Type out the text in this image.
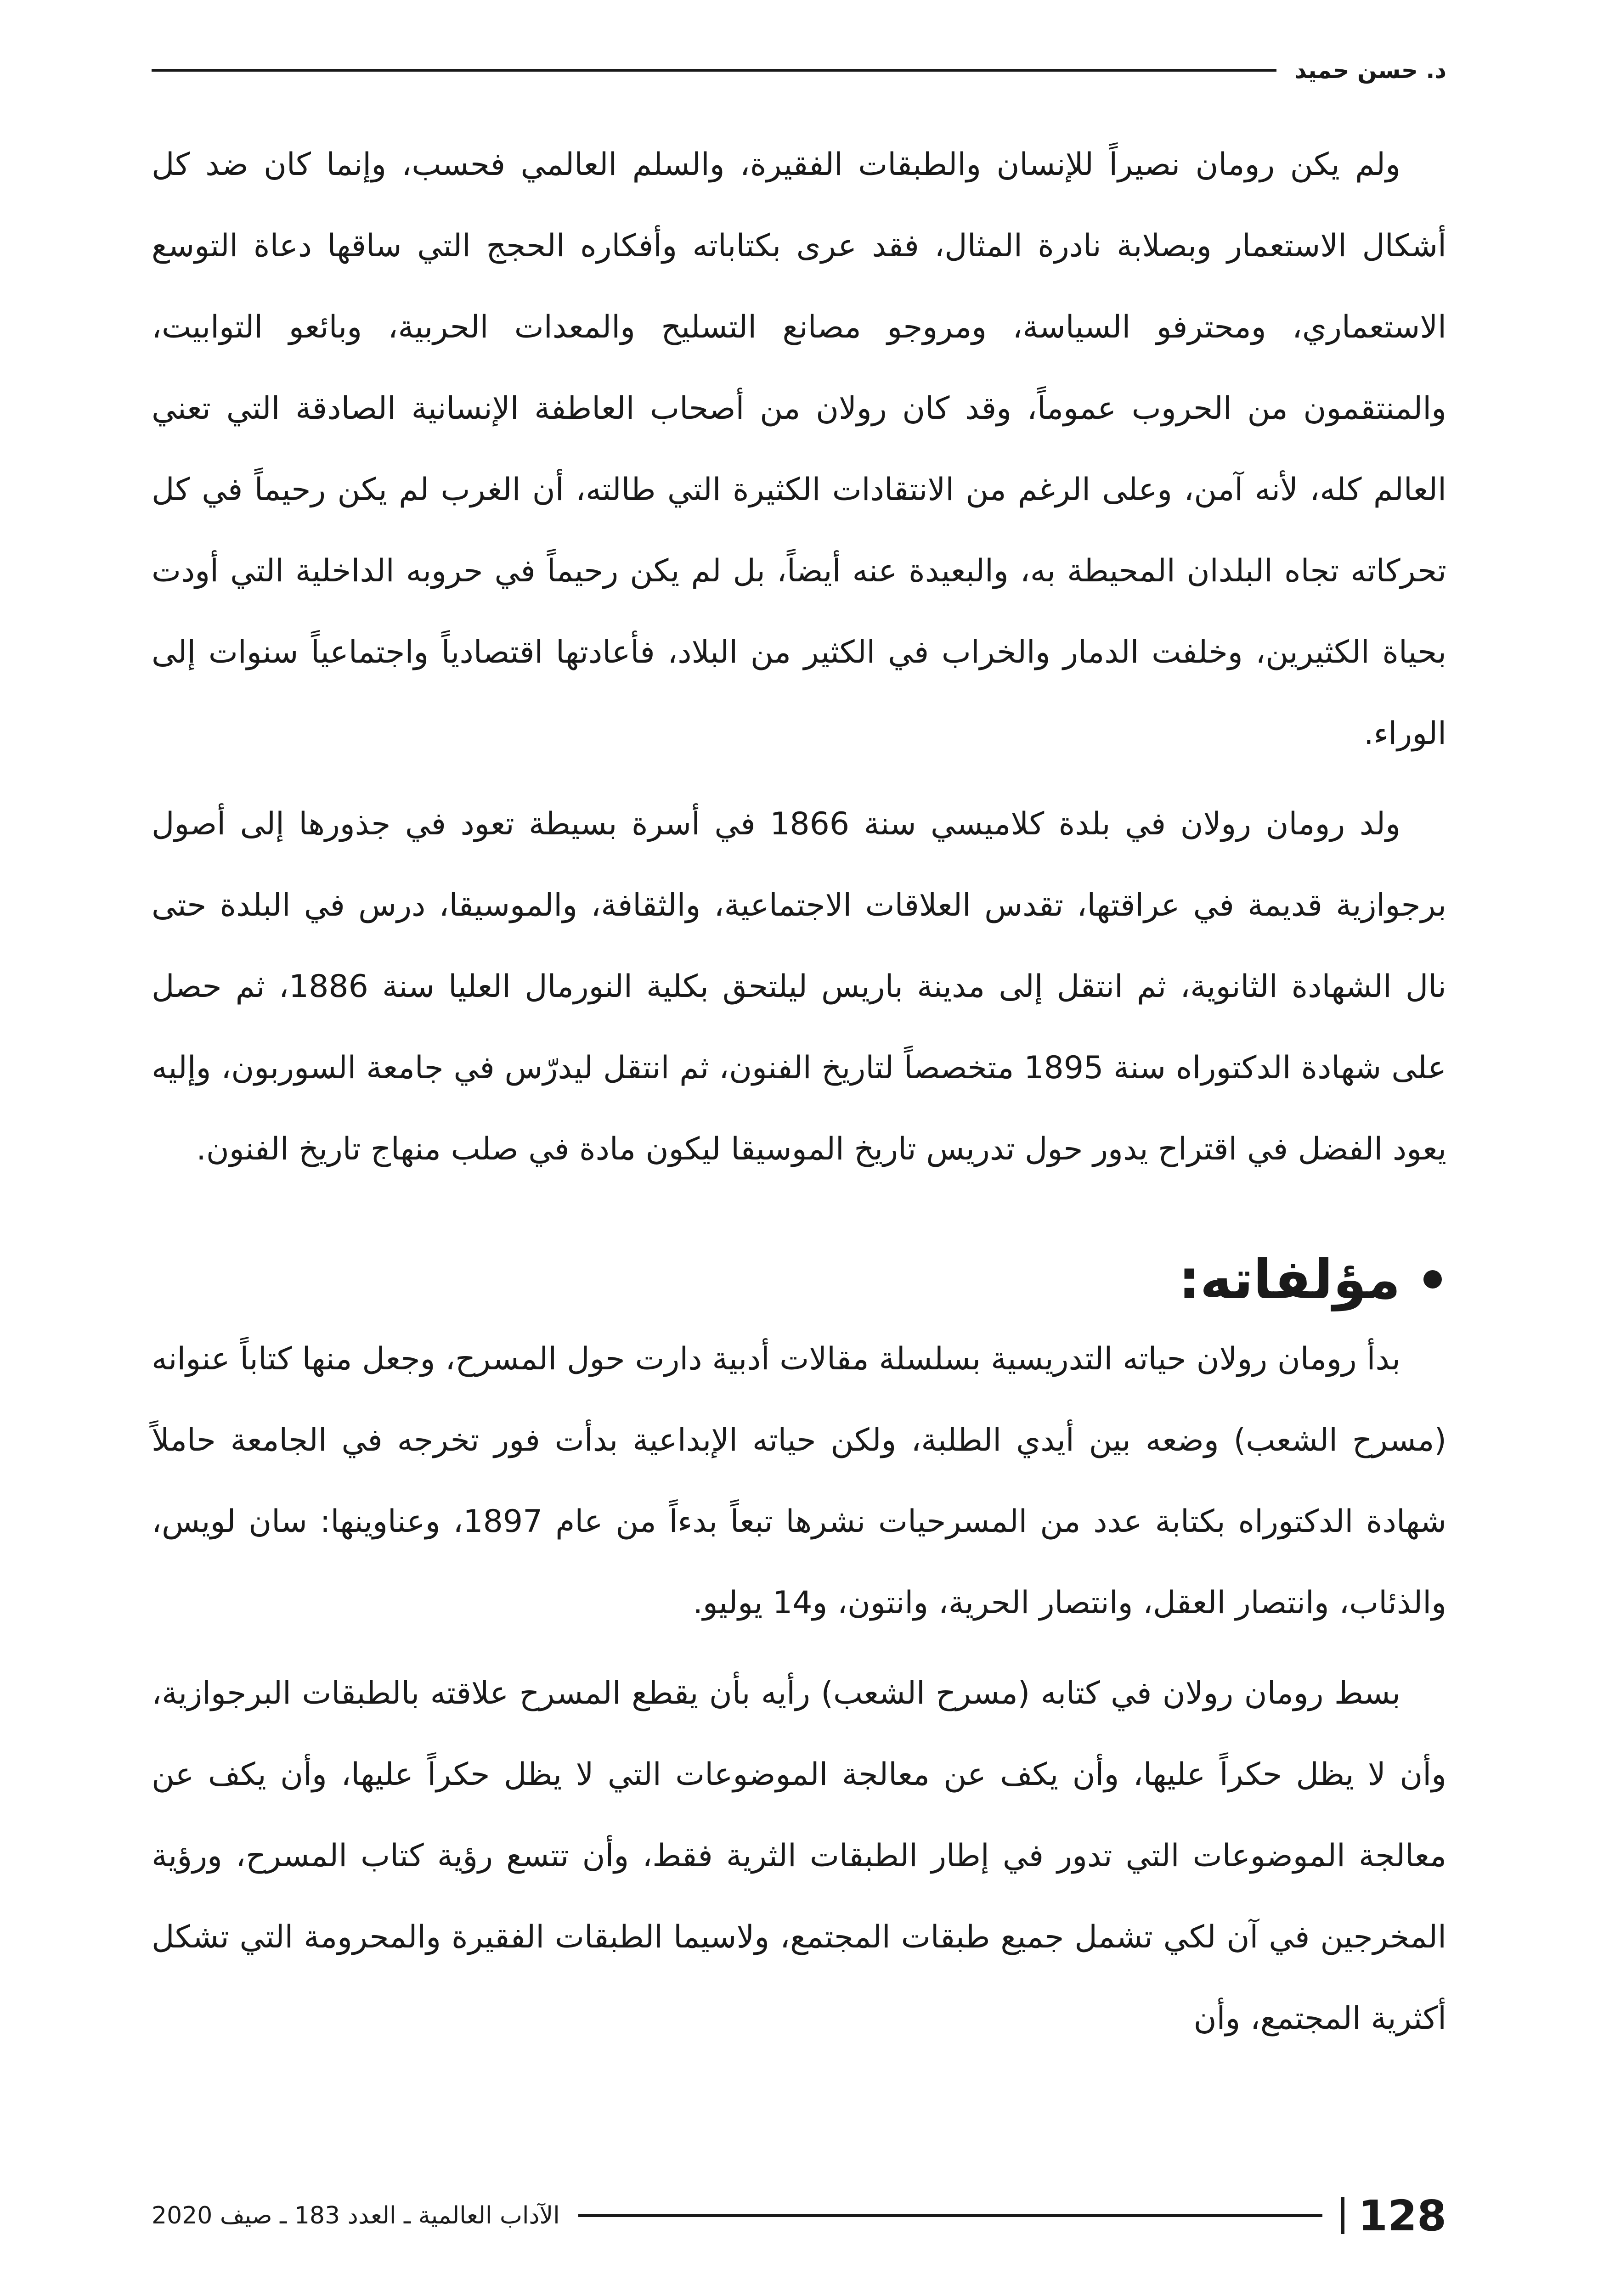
د. حسن حميد

ولم يكن رومان نصيراً للإنسان والطبقات الفقيرة، والسلم العالمي فحسب، وإنما كان ضد كل أشكال الاستعمار وبصلابة نادرة المثال، فقد عرى بكتاباته وأفكاره الحجج التي ساقها دعاة التوسع الاستعماري، ومحترفو السياسة، ومروجو مصانع التسليح والمعدات الحربية، وبائعو التوابيت، والمنتقمون من الحروب عموماً، وقد كان رولان من أصحاب العاطفة الإنسانية الصادقة التي تعني العالم كله، لأنه آمن، وعلى الرغم من الانتقادات الكثيرة التي طالته، أن الغرب لم يكن رحيماً في كل تحركاته تجاه البلدان المحيطة به، والبعيدة عنه أيضاً، بل لم يكن رحيماً في حروبه الداخلية التي أودت بحياة الكثيرين، وخلفت الدمار والخراب في الكثير من البلاد، فأعادتها اقتصادياً واجتماعياً سنوات إلى الوراء.

ولد رومان رولان في بلدة كلاميسي سنة 1866 في أسرة بسيطة تعود في جذورها إلى أصول برجوازية قديمة في عراقتها، تقدس العلاقات الاجتماعية، والثقافة، والموسيقا، درس في البلدة حتى نال الشهادة الثانوية، ثم انتقل إلى مدينة باريس ليلتحق بكلية النورمال العليا سنة 1886، ثم حصل على شهادة الدكتوراه سنة 1895 متخصصاً لتاريخ الفنون، ثم انتقل ليدرّس في جامعة السوربون، وإليه يعود الفضل في اقتراح يدور حول تدريس تاريخ الموسيقا ليكون مادة في صلب منهاج تاريخ الفنون.

مؤلفاته:

بدأ رومان رولان حياته التدريسية بسلسلة مقالات أدبية دارت حول المسرح، وجعل منها كتاباً عنوانه (مسرح الشعب) وضعه بين أيدي الطلبة، ولكن حياته الإبداعية بدأت فور تخرجه في الجامعة حاملاً شهادة الدكتوراه بكتابة عدد من المسرحيات نشرها تبعاً بدءاً من عام 1897، وعناوينها: سان لويس، والذئاب، وانتصار العقل، وانتصار الحرية، وانتون، و14 يوليو.

بسط رومان رولان في كتابه (مسرح الشعب) رأيه بأن يقطع المسرح علاقته بالطبقات البرجوازية، وأن لا يظل حكراً عليها، وأن يكف عن معالجة الموضوعات التي لا يظل حكراً عليها، وأن يكف عن معالجة الموضوعات التي تدور في إطار الطبقات الثرية فقط، وأن تتسع رؤية كتاب المسرح، ورؤية المخرجين في آن لكي تشمل جميع طبقات المجتمع، ولاسيما الطبقات الفقيرة والمحرومة التي تشكل أكثرية المجتمع، وأن

128
الآداب العالمية ـ العدد 183 ـ صيف 2020
